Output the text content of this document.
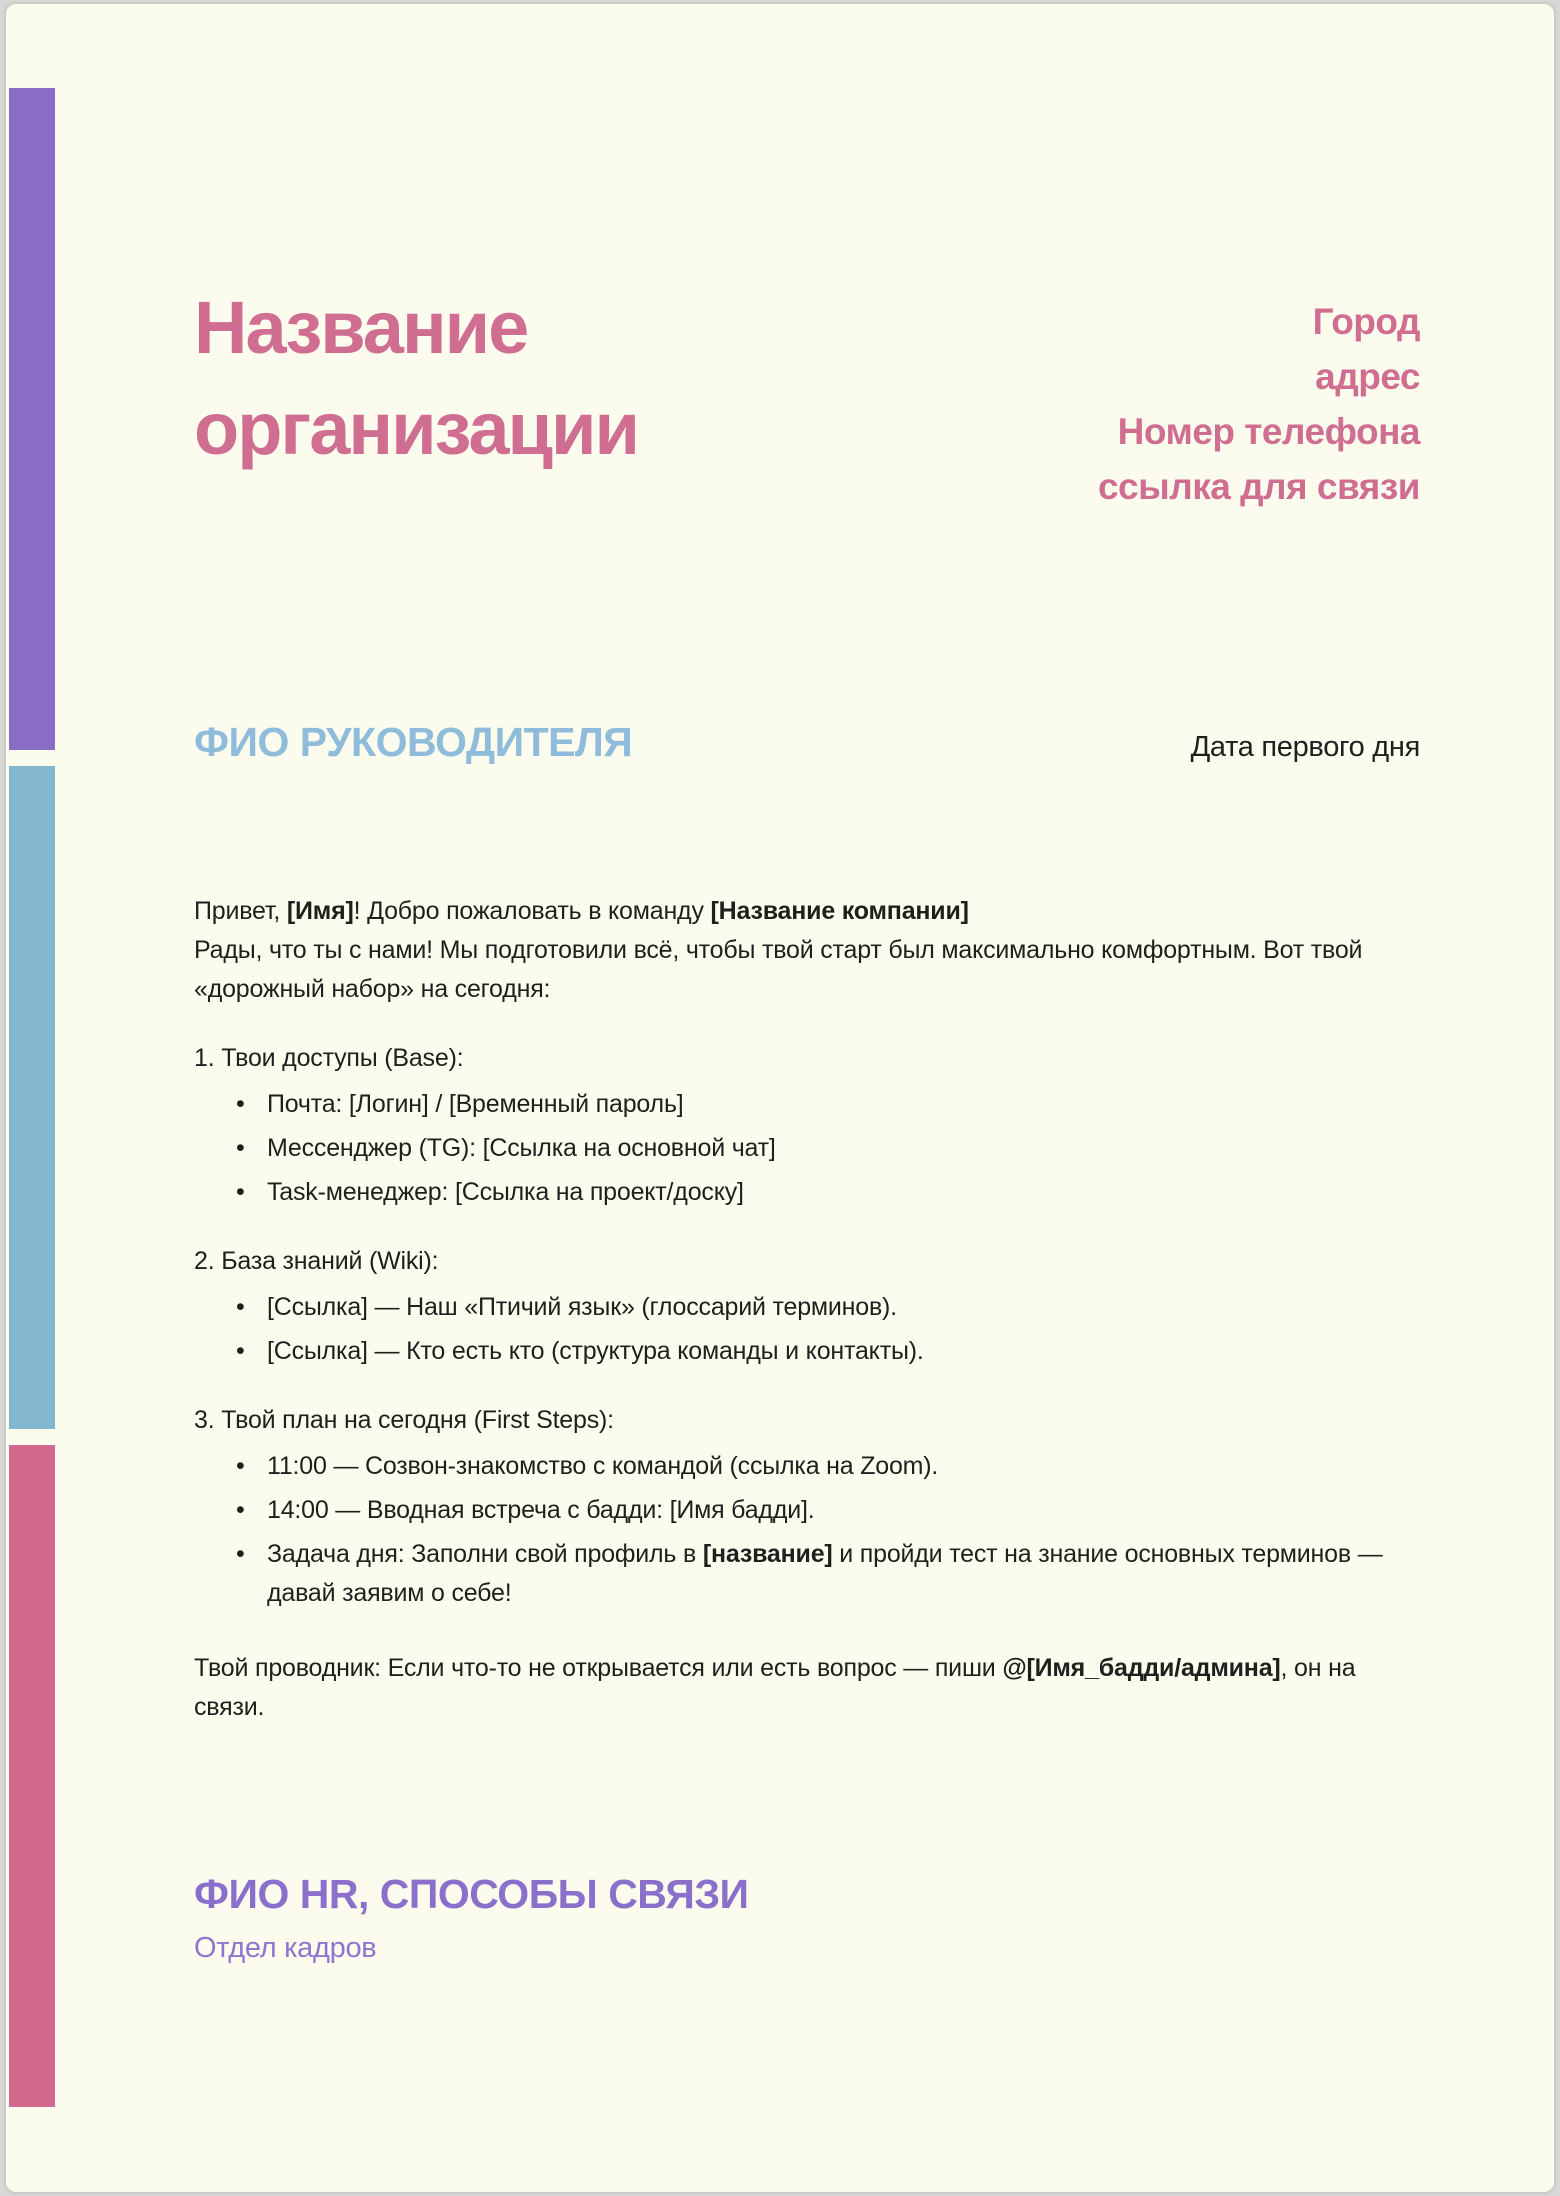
Название организации
Город
адрес
Номер телефона
ссылка для связи
ФИО РУКОВОДИТЕЛЯ	Дата первого дня

Привет, [Имя]! Добро пожаловать в команду [Название компании]
Рады, что ты с нами! Мы подготовили всё, чтобы твой старт был максимально комфортным. Вот твой «дорожный набор» на сегодня:

1. Твои доступы (Base):
• Почта: [Логин] / [Временный пароль]
• Мессенджер (TG): [Ссылка на основной чат]
• Task-менеджер: [Ссылка на проект/доску]
2. База знаний (Wiki):
• [Ссылка] — Наш «Птичий язык» (глоссарий терминов).
• [Ссылка] — Кто есть кто (структура команды и контакты).
3. Твой план на сегодня (First Steps):
• 11:00 — Созвон-знакомство с командой (ссылка на Zoom).
• 14:00 — Вводная встреча с бадди: [Имя бадди].
• Задача дня: Заполни свой профиль в [название] и пройди тест на знание основных терминов — давай заявим о себе!

Твой проводник: Если что-то не открывается или есть вопрос — пиши @[Имя_бадди/админа], он на связи.

ФИО HR, СПОСОБЫ СВЯЗИ

Отдел кадров
